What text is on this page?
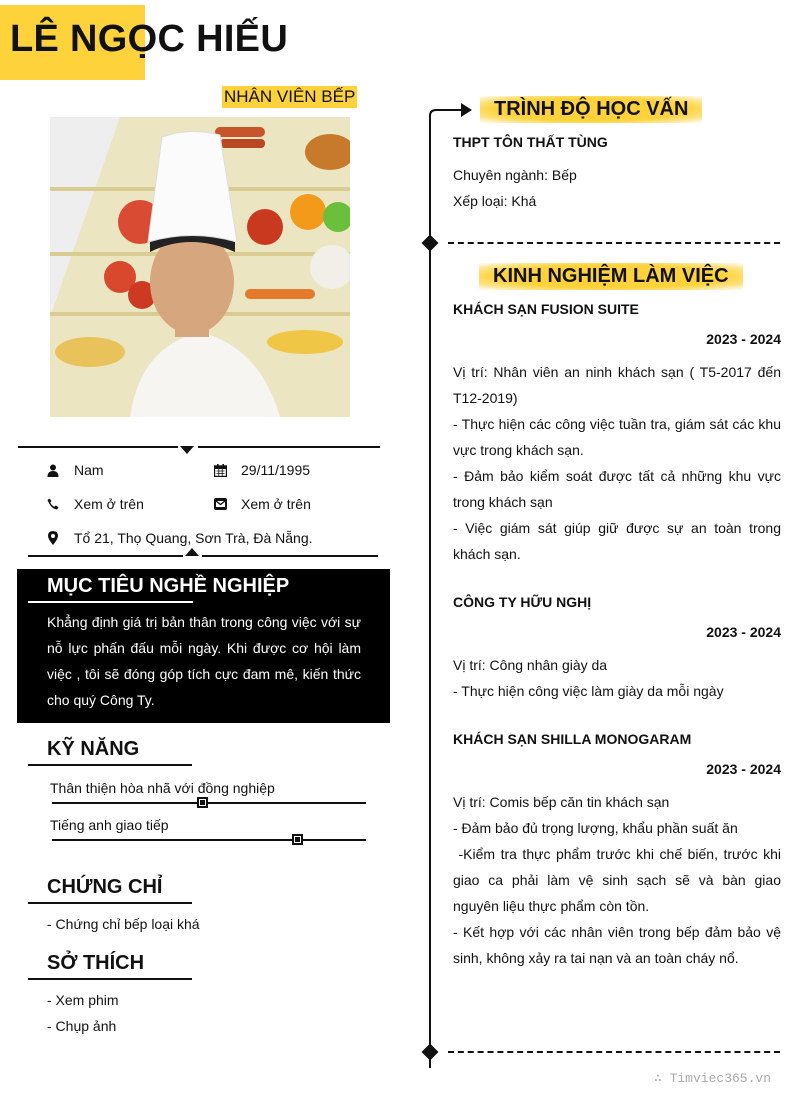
LÊ NGỌC HIẾU
NHÂN VIÊN BẾP
Nam	29/11/1995
Xem ở trên	Xem ở trên
Tổ 21, Thọ Quang, Sơn Trà, Đà Nẵng.
MỤC TIÊU NGHỀ NGHIỆP
Khẳng định giá trị bản thân trong công việc với sự nỗ lực phấn đấu mỗi ngày. Khi được cơ hội làm việc , tôi sẽ đóng góp tích cực đam mê, kiến thức cho quý Công Ty.
KỸ NĂNG
Thân thiện hòa nhã với đồng nghiệp
Tiếng anh giao tiếp
CHỨNG CHỈ
- Chứng chỉ bếp loại khá
SỞ THÍCH
- Xem phim
- Chụp ảnh
TRÌNH ĐỘ HỌC VẤN
THPT TÔN THẤT TÙNG
Chuyên ngành: Bếp
Xếp loại: Khá
KINH NGHIỆM LÀM VIỆC
KHÁCH SẠN FUSION SUITE
2023 - 2024
Vị trí: Nhân viên an ninh khách sạn ( T5-2017 đến T12-2019)
- Thực hiện các công việc tuần tra, giám sát các khu vực trong khách sạn.
- Đảm bảo kiểm soát được tất cả những khu vực trong khách sạn
- Việc giám sát giúp giữ được sự an toàn trong khách sạn.
CÔNG TY HỮU NGHỊ
2023 - 2024
Vị trí: Công nhân giày da
- Thực hiện công việc làm giày da mỗi ngày
KHÁCH SẠN SHILLA MONOGARAM
2023 - 2024
Vị trí: Comis bếp căn tin khách sạn
- Đảm bảo đủ trọng lượng, khẩu phần suất ăn
-Kiểm tra thực phẩm trước khi chế biến, trước khi giao ca phải làm vệ sinh sạch sẽ và bàn giao nguyên liệu thực phẩm còn tồn.
- Kết hợp với các nhân viên trong bếp đảm bảo vệ sinh, không xảy ra tai nạn và an toàn cháy nổ.
∴ Timviec365.vn
